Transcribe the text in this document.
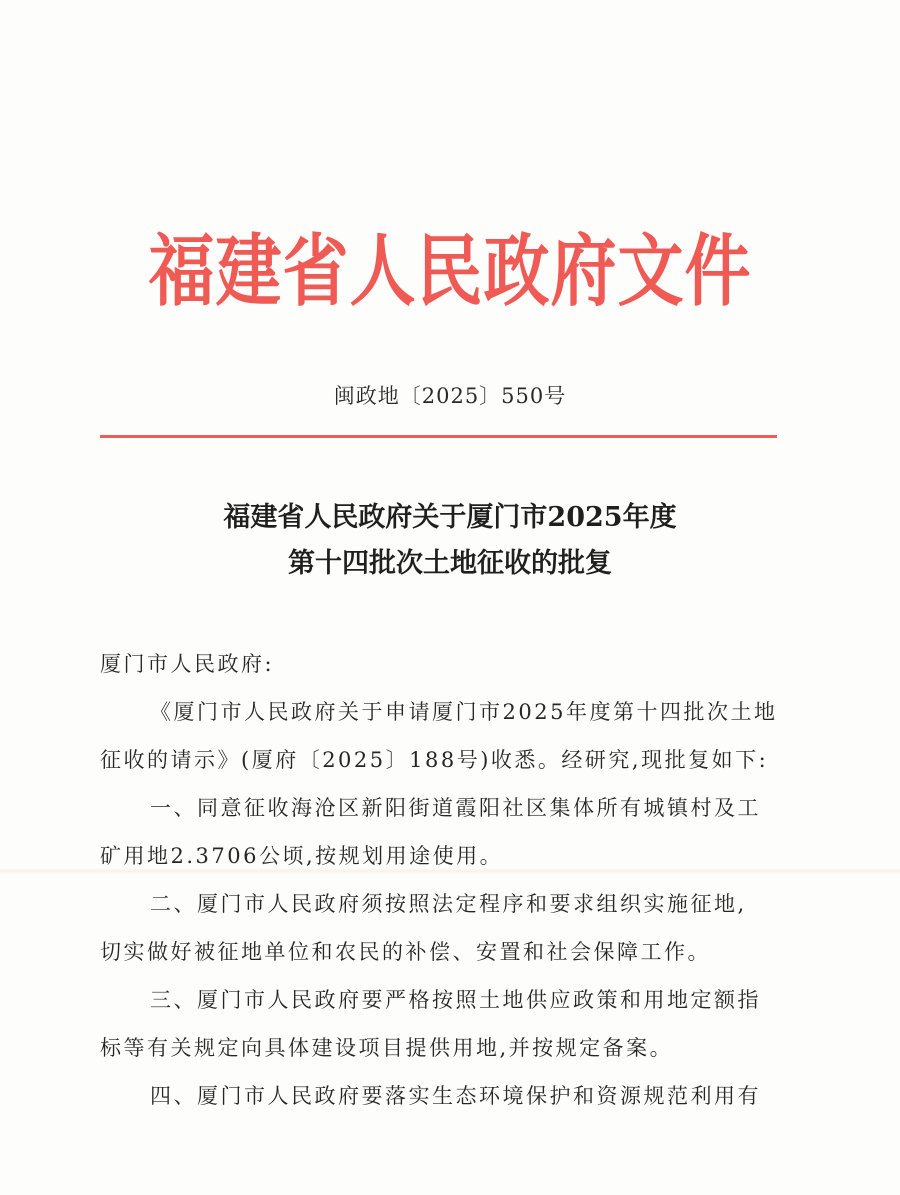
福建省人民政府文件
闽政地〔2025〕550号
福建省人民政府关于厦门市2025年度
第十四批次土地征收的批复
厦门市人民政府:
《厦门市人民政府关于申请厦门市2025年度第十四批次土地
征收的请示》(厦府〔2025〕188号)收悉。经研究,现批复如下:
一、同意征收海沧区新阳街道霞阳社区集体所有城镇村及工
矿用地2.3706公顷,按规划用途使用。
二、厦门市人民政府须按照法定程序和要求组织实施征地,
切实做好被征地单位和农民的补偿、安置和社会保障工作。
三、厦门市人民政府要严格按照土地供应政策和用地定额指
标等有关规定向具体建设项目提供用地,并按规定备案。
四、厦门市人民政府要落实生态环境保护和资源规范利用有
